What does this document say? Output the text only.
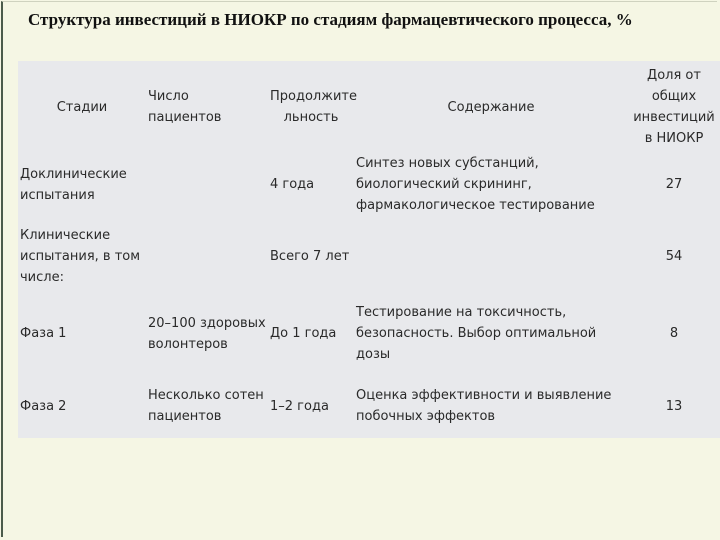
Структура инвестиций в НИОКР по стадиям фармацевтического процесса, %
Стадии	Число пациентов	Продолжите льность	Содержание	Доля от общих инвестиций в НИОКР
Доклинические испытания		4 года	Синтез новых субстанций, биологический скрининг, фармакологическое тестирование	27
Клинические испытания, в том числе:		Всего 7 лет		54
Фаза 1	20–100 здоровых волонтеров	До 1 года	Тестирование на токсичность, безопасность. Выбор оптимальной дозы	8
Фаза 2	Несколько сотен пациентов	1–2 года	Оценка эффективности и выявление побочных эффектов	13
